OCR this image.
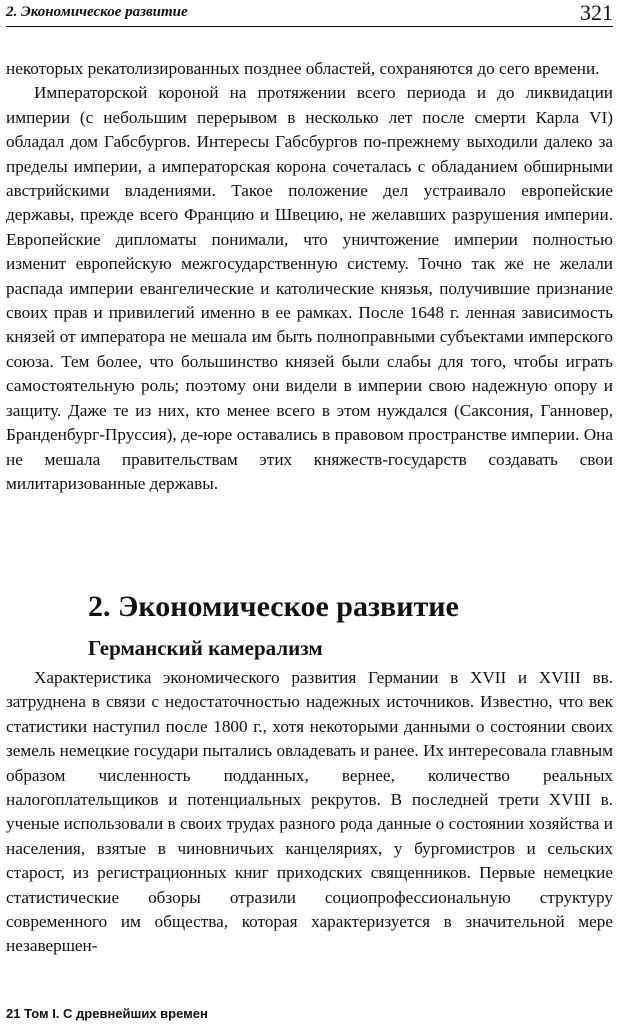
2. Экономическое развитие	321

некоторых рекатолизированных позднее областей, сохраняются до сего времени.

Императорской короной на протяжении всего периода и до ликвидации империи (с небольшим перерывом в несколько лет после смерти Карла VI) обладал дом Габсбургов. Интересы Габсбургов по-прежнему выходили далеко за пределы империи, а императорская корона сочеталась с обладанием обширными австрийскими владениями. Такое положение дел устраивало европейские державы, прежде всего Францию и Швецию, не желавших разрушения империи. Европейские дипломаты понимали, что уничтожение империи полностью изменит европейскую межгосударственную систему. Точно так же не желали распада империи евангелические и католические князья, получившие признание своих прав и привилегий именно в ее рамках. После 1648 г. ленная зависимость князей от императора не мешала им быть полноправными субъектами имперского союза. Тем более, что большинство князей были слабы для того, чтобы играть самостоятельную роль; поэтому они видели в империи свою надежную опору и защиту. Даже те из них, кто менее всего в этом нуждался (Саксония, Ганновер, Бранденбург-Пруссия), де-юре оставались в правовом пространстве империи. Она не мешала правительствам этих княжеств-государств создавать свои милитаризованные державы.

2. Экономическое развитие
Германский камерализм

Характеристика экономического развития Германии в XVII и XVIII вв. затруднена в связи с недостаточностью надежных источников. Известно, что век статистики наступил после 1800 г., хотя некоторыми данными о состоянии своих земель немецкие государи пытались овладевать и ранее. Их интересовала главным образом численность подданных, вернее, количество реальных налогоплательщиков и потенциальных рекрутов. В последней трети XVIII в. ученые использовали в своих трудах разного рода данные о состоянии хозяйства и населения, взятые в чиновничьих канцеляриях, у бургомистров и сельских старост, из регистрационных книг приходских священников. Первые немецкие статистические обзоры отразили социопрофессиональную структуру современного им общества, которая характеризуется в значительной мере незавершен-

21 Том I. С древнейших времен
